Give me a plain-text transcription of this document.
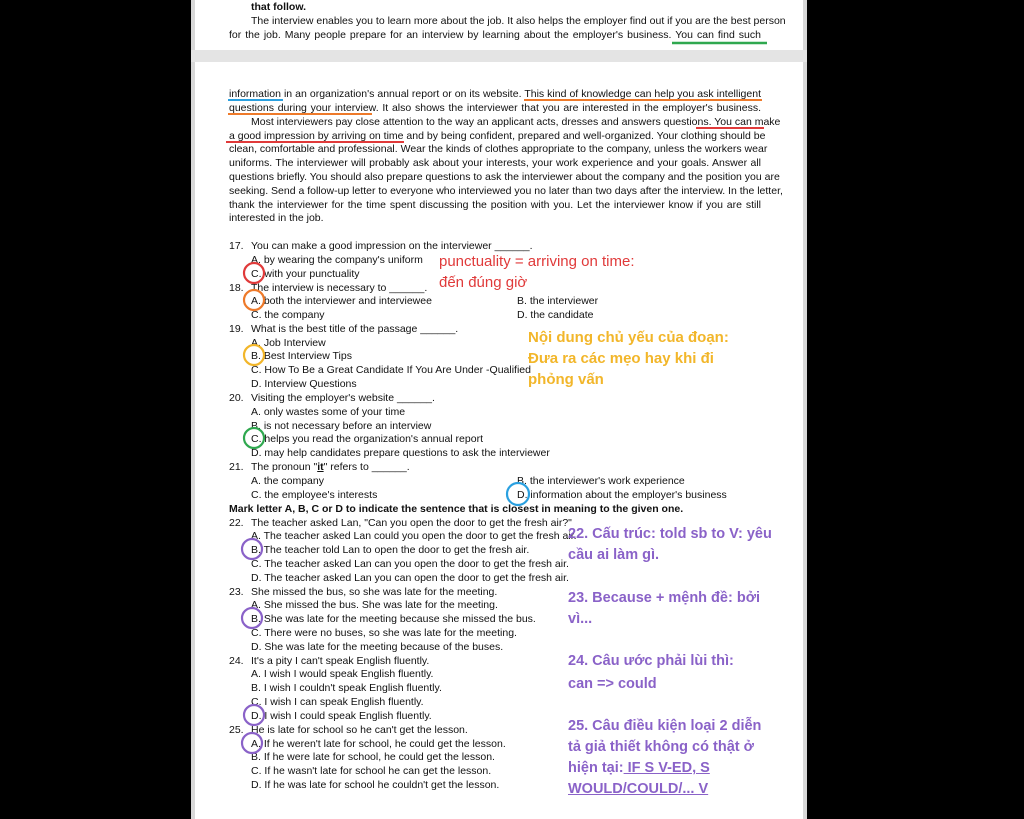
that follow.
The interview enables you to learn more about the job. It also helps the employer find out if you are the best person
for the job. Many people prepare for an interview by learning about the employer's business. You can find such
information in an organization's annual report or on its website. This kind of knowledge can help you ask intelligent
questions during your interview. It also shows the interviewer that you are interested in the employer's business.
Most interviewers pay close attention to the way an applicant acts, dresses and answers questions. You can make
a good impression by arriving on time and by being confident, prepared and well-organized. Your clothing should be
clean, comfortable and professional. Wear the kinds of clothes appropriate to the company, unless the workers wear
uniforms. The interviewer will probably ask about your interests, your work experience and your goals. Answer all
questions briefly. You should also prepare questions to ask the interviewer about the company and the position you are
seeking. Send a follow-up letter to everyone who interviewed you no later than two days after the interview. In the letter,
thank the interviewer for the time spent discussing the position with you. Let the interviewer know if you are still
interested in the job.
17. You can make a good impression on the interviewer ______.
A. by wearing the company's uniform
C. with your punctuality
18. The interview is necessary to ______.
A. both the interviewer and interviewee	B. the interviewer
C. the company	D. the candidate
19. What is the best title of the passage ______.
A. Job Interview
B. Best Interview Tips
C. How To Be a Great Candidate If You Are Under -Qualified
D. Interview Questions
20. Visiting the employer's website ______.
A. only wastes some of your time
B. is not necessary before an interview
C. helps you read the organization's annual report
D. may help candidates prepare questions to ask the interviewer
21. The pronoun "it" refers to ______.
A. the company	B. the interviewer's work experience
C. the employee's interests	D. information about the employer's business
Mark letter A, B, C or D to indicate the sentence that is closest in meaning to the given one.
22. The teacher asked Lan, "Can you open the door to get the fresh air?"
A. The teacher asked Lan could you open the door to get the fresh air.
B. The teacher told Lan to open the door to get the fresh air.
C. The teacher asked Lan can you open the door to get the fresh air.
D. The teacher asked Lan you can open the door to get the fresh air.
23. She missed the bus, so she was late for the meeting.
A. She missed the bus. She was late for the meeting.
B. She was late for the meeting because she missed the bus.
C. There were no buses, so she was late for the meeting.
D. She was late for the meeting because of the buses.
24. It's a pity I can't speak English fluently.
A. I wish I would speak English fluently.
B. I wish I couldn't speak English fluently.
C. I wish I can speak English fluently.
D. I wish I could speak English fluently.
25. He is late for school so he can't get the lesson.
A. If he weren't late for school, he could get the lesson.
B. If he were late for school, he could get the lesson.
C. If he wasn't late for school he can get the lesson.
D. If he was late for school he couldn't get the lesson.
punctuality = arriving on time:
đến đúng giờ
Nội dung chủ yếu của đoạn:
Đưa ra các mẹo hay khi đi
phỏng vấn
22. Cấu trúc: told sb to V: yêu
cầu ai làm gì.
23. Because + mệnh đề: bởi
vì...
24. Câu ước phải lùi thì:
can => could
25. Câu điều kiện loại 2 diễn
tả giả thiết không có thật ở
hiện tại: IF S V-ED, S
WOULD/COULD/... V
